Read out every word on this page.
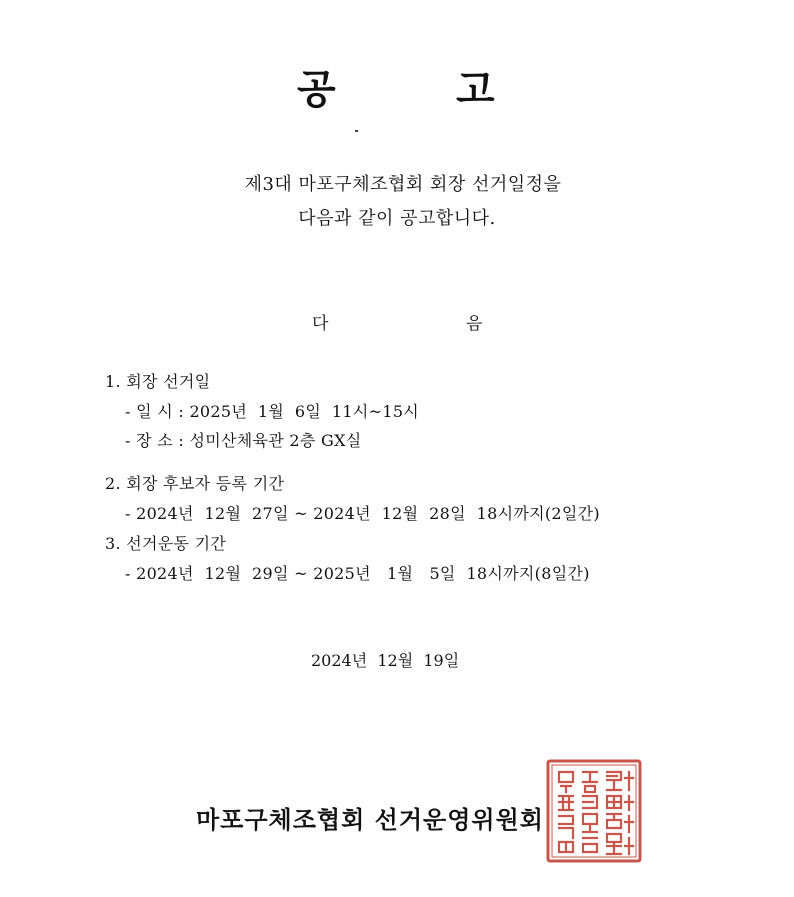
공	고
제3대 마포구체조협회 회장 선거일정을
다음과 같이 공고합니다.
다	음
1. 회장 선거일
- 일 시 : 2025년  1월  6일  11시~15시
- 장 소 : 성미산체육관 2층 GX실
2. 회장 후보자 등록 기간
- 2024년  12월  27일 ~ 2024년  12월  28일  18시까지(2일간)
3. 선거운동 기간
- 2024년  12월  29일 ~ 2025년   1월   5일  18시까지(8일간)
2024년  12월  19일
마포구체조협회 선거운영위원회
